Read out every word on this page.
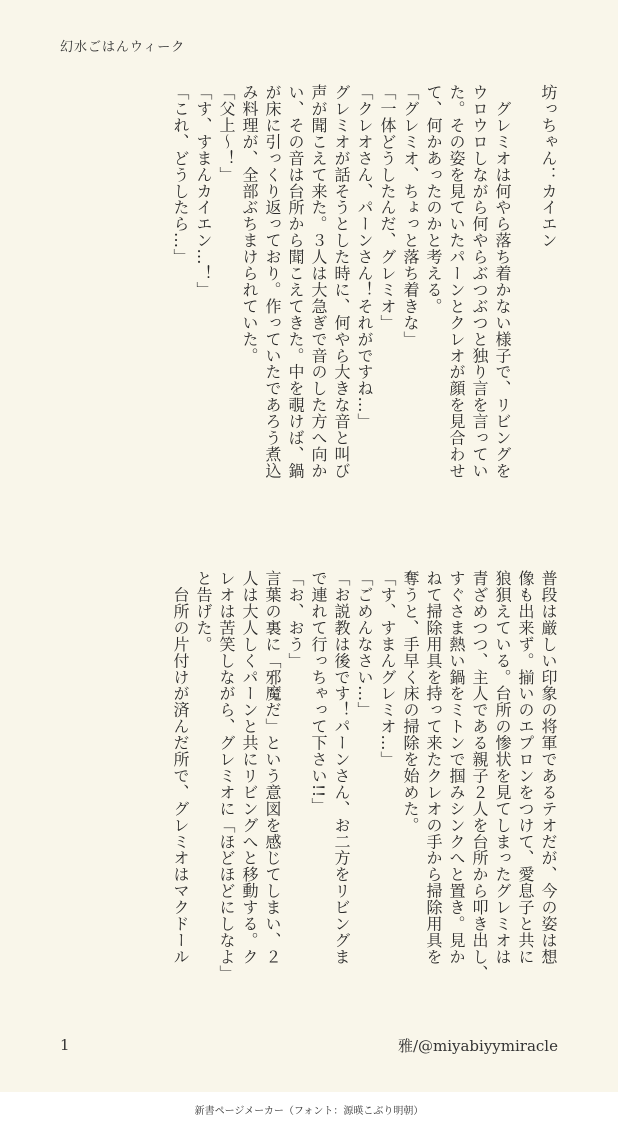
幻水ごはんウィーク

坊っちゃん：カイエン

　グレミオは何やら落ち着かない様子で、リビングを

ウロウロしながら何やらぶつぶつと独り言を言ってい

た。その姿を見ていたパーンとクレオが顔を見合わせ

て、何かあったのかと考える。

「グレミオ、ちょっと落ち着きな」

「一体どうしたんだ、グレミオ」

「クレオさん、パーンさん！それがですね…」

グレミオが話そうとした時に、何やら大きな音と叫び

声が聞こえて来た。３人は大急ぎで音のした方へ向か

い、その音は台所から聞こえてきた。中を覗けば、鍋

が床に引っくり返っており。作っていたであろう煮込

み料理が、全部ぶちまけられていた。

「父上〜！」

「す、すまんカイエン…！」

「これ、どうしたら…」

普段は厳しい印象の将軍であるテオだが、今の姿は想

像も出来ず。揃いのエプロンをつけて、愛息子と共に

狼狽えている。台所の惨状を見てしまったグレミオは

青ざめつつ、主人である親子２人を台所から叩き出し、

すぐさま熱い鍋をミトンで掴みシンクへと置き。見か

ねて掃除用具を持って来たクレオの手から掃除用具を

奪うと、手早く床の掃除を始めた。

「す、すまんグレミオ…」

「ごめんなさい…」

「お説教は後です！パーンさん、お二方をリビングま

で連れて行っちゃって下さい!!」

「お、おう」

言葉の裏に「邪魔だ」という意図を感じてしまい、２

人は大人しくパーンと共にリビングへと移動する。ク

レオは苦笑しながら、グレミオに「ほどほどにしなよ」

と告げた。

　台所の片付けが済んだ所で、グレミオはマクドール

1	雅/@miyabiyymiracle
新書ページメーカー（フォント：源暎こぶり明朝）
